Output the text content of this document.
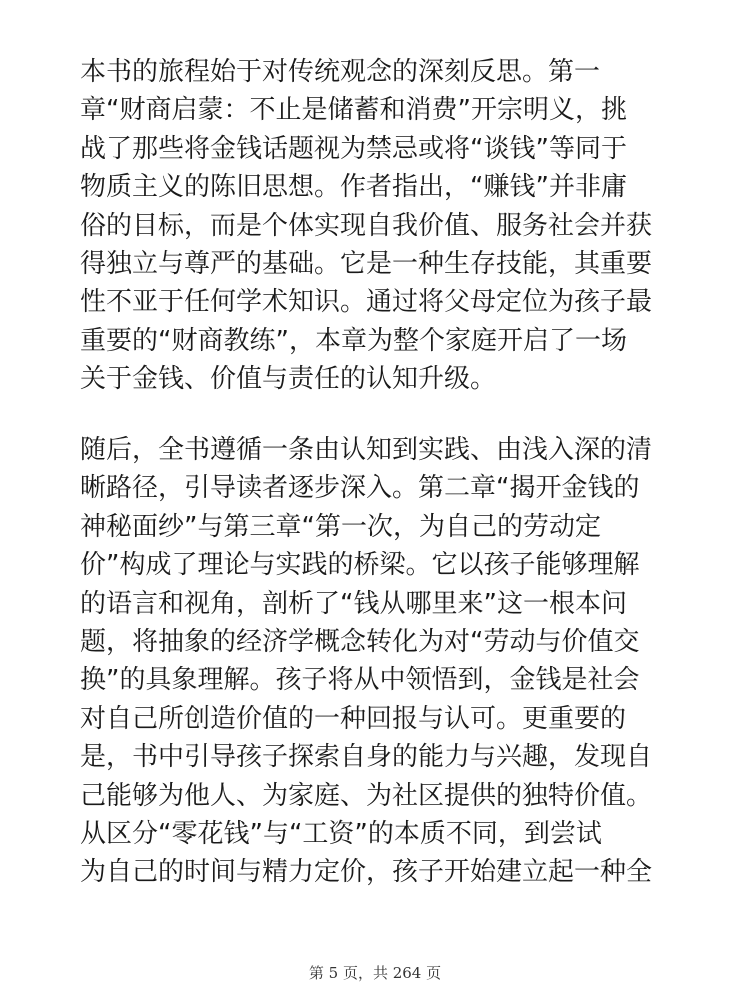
本书的旅程始于对传统观念的深刻反思。第一
章“财商启蒙：不止是储蓄和消费”开宗明义，挑
战了那些将金钱话题视为禁忌或将“谈钱”等同于
物质主义的陈旧思想。作者指出，“赚钱”并非庸
俗的目标，而是个体实现自我价值、服务社会并获
得独立与尊严的基础。它是一种生存技能，其重要
性不亚于任何学术知识。通过将父母定位为孩子最
重要的“财商教练”，本章为整个家庭开启了一场
关于金钱、价值与责任的认知升级。
随后，全书遵循一条由认知到实践、由浅入深的清
晰路径，引导读者逐步深入。第二章“揭开金钱的
神秘面纱”与第三章“第一次，为自己的劳动定
价”构成了理论与实践的桥梁。它以孩子能够理解
的语言和视角，剖析了“钱从哪里来”这一根本问
题，将抽象的经济学概念转化为对“劳动与价值交
换”的具象理解。孩子将从中领悟到，金钱是社会
对自己所创造价值的一种回报与认可。更重要的
是，书中引导孩子探索自身的能力与兴趣，发现自
己能够为他人、为家庭、为社区提供的独特价值。
从区分“零花钱”与“工资”的本质不同，到尝试
为自己的时间与精力定价，孩子开始建立起一种全
第 5 页，共 264 页
